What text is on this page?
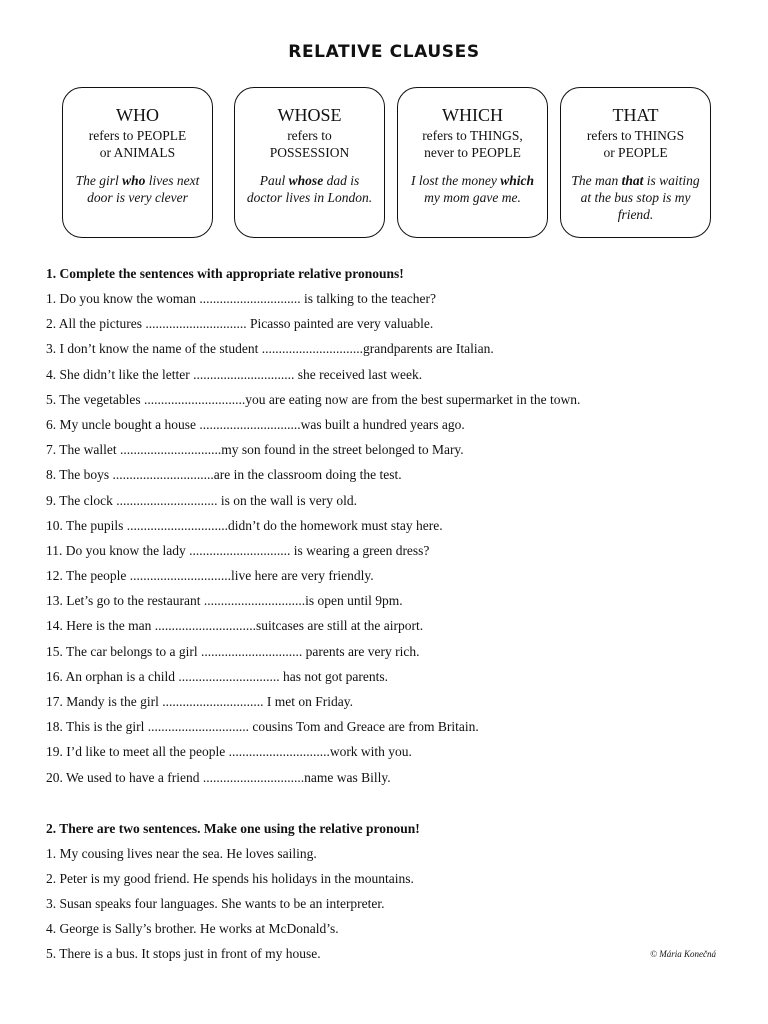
RELATIVE CLAUSES
WHO
refers to PEOPLE
or ANIMALS
The girl who lives next door is very clever
WHOSE
refers to
POSSESSION
Paul whose dad is doctor lives in London.
WHICH
refers to THINGS,
never to PEOPLE
I lost the money which my mom gave me.
THAT
refers to THINGS
or PEOPLE
The man that is waiting at the bus stop is my friend.
1. Complete the sentences with appropriate relative pronouns!
1. Do you know the woman .............................. is talking to the teacher?
2. All the pictures .............................. Picasso painted are very valuable.
3. I don’t know the name of the student ..............................grandparents are Italian.
4. She didn’t like the letter .............................. she received last week.
5. The vegetables ..............................you are eating now are from the best supermarket in the town.
6. My uncle bought a house ..............................was built a hundred years ago.
7. The wallet ..............................my son found in the street belonged to Mary.
8. The boys ..............................are in the classroom doing the test.
9. The clock .............................. is on the wall is very old.
10. The pupils ..............................didn’t do the homework must stay here.
11. Do you know the lady .............................. is wearing a green dress?
12. The people ..............................live here are very friendly.
13. Let’s go to the restaurant ..............................is open until 9pm.
14. Here is the man ..............................suitcases are still at the airport.
15. The car belongs to a girl .............................. parents are very rich.
16. An orphan is a child .............................. has not got parents.
17. Mandy is the girl .............................. I met on Friday.
18. This is the girl .............................. cousins Tom and Greace are from Britain.
19. I’d like to meet all the people ..............................work with you.
20. We used to have a friend ..............................name was Billy.
2. There are two sentences. Make one using the relative pronoun!
1. My cousing lives near the sea. He loves sailing.
2. Peter is my good friend. He spends his holidays in the mountains.
3. Susan speaks four languages. She wants to be an interpreter.
4. George is Sally’s brother. He works at McDonald’s.
5. There is a bus. It stops just in front of my house.	© Mária Konečná
